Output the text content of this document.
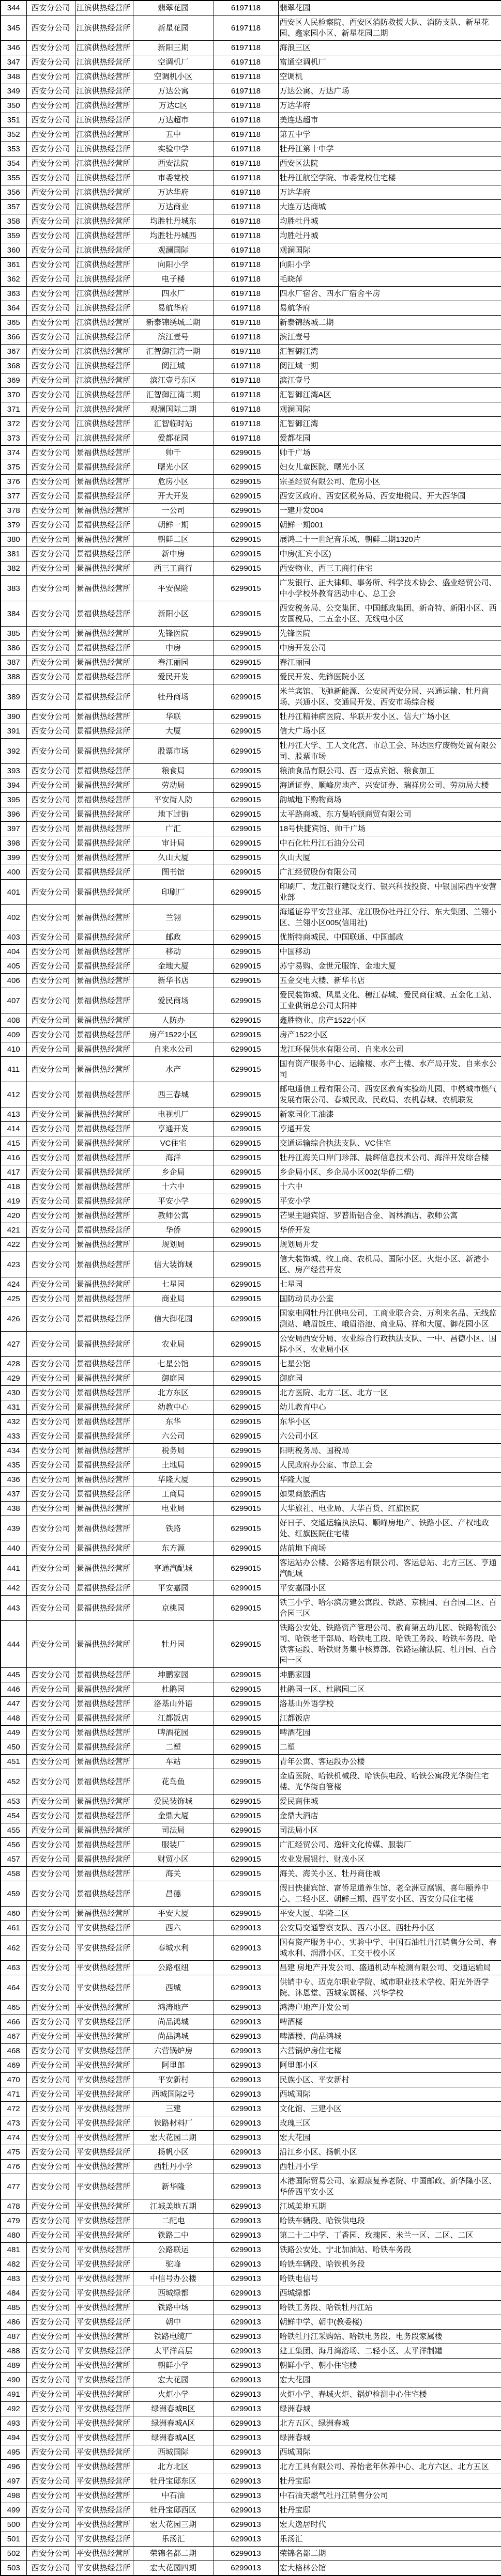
344	西安分公司	江滨供热经营所	翡翠花园	6197118	翡翠花园
345	西安分公司	江滨供热经营所	新星花园	6197118	西安区人民检察院、西安区消防救援大队、消防支队、新星花园、鑫家园小区、新星花园二期
346	西安分公司	江滨供热经营所	新阳三期	6197118	海浪三区
347	西安分公司	江滨供热经营所	空调机厂	6197118	富通空调机厂
348	西安分公司	江滨供热经营所	空调机小区	6197118	空调机
349	西安分公司	江滨供热经营所	万达公寓	6197118	万达公寓、万达广场
350	西安分公司	江滨供热经营所	万达C区	6197118	万达华府
351	西安分公司	江滨供热经营所	万达超市	6197118	美连达超市
352	西安分公司	江滨供热经营所	五中	6197118	第五中学
353	西安分公司	江滨供热经营所	实验中学	6197118	牡丹江第十中学
354	西安分公司	江滨供热经营所	西安法院	6197118	西安区法院
355	西安分公司	江滨供热经营所	市委党校	6197118	牡丹江航空学院、市委党校住宅楼
356	西安分公司	江滨供热经营所	万达华府	6197118	万达华府
357	西安分公司	江滨供热经营所	万达商业	6197118	大连万达商城
358	西安分公司	江滨供热经营所	均胜牡丹城东	6197118	均胜牡丹城
359	西安分公司	江滨供热经营所	均胜牡丹城西	6197118	均胜牡丹城
360	西安分公司	江滨供热经营所	观澜国际	6197118	观澜国际
361	西安分公司	江滨供热经营所	向阳小学	6197118	向阳小学
362	西安分公司	江滨供热经营所	电子楼	6197118	毛晓萍
363	西安分公司	江滨供热经营所	四水厂	6197118	四水厂宿舍、四水厂宿舍平房
364	西安分公司	江滨供热经营所	易航华府	6197118	易航华府
365	西安分公司	江滨供热经营所	新泰锦绣城二期	6197118	新泰锦绣城二期
366	西安分公司	江滨供热经营所	滨江壹号	6197118	滨江壹号
367	西安分公司	江滨供热经营所	汇智御江湾一期	6197118	汇智御江湾
368	西安分公司	江滨供热经营所	阅江城	6197118	阅江城一期
369	西安分公司	江滨供热经营所	滨江壹号东区	6197118	滨江壹号
370	西安分公司	江滨供热经营所	汇智御江湾二期	6197118	汇智御江湾A区
371	西安分公司	江滨供热经营所	观澜国际二期	6197118	观澜国际
372	西安分公司	江滨供热经营所	汇智临时站	6197118	汇智御江湾
373	西安分公司	江滨供热经营所	爱都花园	6197118	爱都花园
374	西安分公司	景福供热经营所	帅千	6299015	帅千广场
375	西安分公司	景福供热经营所	曙光小区	6299015	妇女儿童医院、曙光小区
376	西安分公司	景福供热经营所	危房小区	6299015	宗圣经贸有限公司、危房小区
377	西安分公司	景福供热经营所	开大开发	6299015	西安区政府、西安区税务局、西安地税局、开大西华园
378	西安分公司	景福供热经营所	一公司	6299015	一建开发004
379	西安分公司	景福供热经营所	朝鲜一期	6299015	朝鲜一期001
380	西安分公司	景福供热经营所	朝鲜二区	6299015	展鸿二十一世纪音乐城、朝鲜二期1320片
381	西安分公司	景福供热经营所	新中房	6299015	中房(汇宾小区)
382	西安分公司	景福供热经营所	西三工商行	6299015	西安物业、西三工商行住宅
383	西安分公司	景福供热经营所	平安保险	6299015	广发银行、正大律师、事务所、科学技术协会、盛业经贸公司、中小学校外教育活动中心、总工会
384	西安分公司	景福供热经营所	新阳小区	6299015	西安税务局、公交集团、中国邮政集团、新奇特、新阳小区、西安国税局、二五金小区、无线电小区
385	西安分公司	景福供热经营所	先锋医院	6299015	先锋医院
386	西安分公司	景福供热经营所	中房	6299015	中房开发公司
387	西安分公司	景福供热经营所	春江丽园	6299015	春江丽园
388	西安分公司	景福供热经营所	爱民开发	6299015	爱民开发、先锋医院小区
389	西安分公司	景福供热经营所	牡丹商场	6299015	米兰宾馆、飞弛新能源、公安局西安分局、兴通运输、牡丹商场、兴通小区、交通局开发、西安市场综合楼
390	西安分公司	景福供热经营所	华联	6299015	牡丹江精神病医院、华联开发小区、信大广场小区
391	西安分公司	景福供热经营所	大厦	6299015	信大广场小区
392	西安分公司	景福供热经营所	股票市场	6299015	牡丹江大学、工人文化宫、市总工会、环达医疗废物处置有限公司、股票市场
393	西安分公司	景福供热经营所	粮食局	6299015	粮油食品有限公司、西一迈点宾馆、粮食加工
394	西安分公司	景福供热经营所	劳动局	6299015	海通证券、顺峰房地产、兴安证券、瑞祥房公司、劳动局大楼
395	西安分公司	景福供热经营所	平安街人防	6299015	韵城地下购物商场
396	西安分公司	景福供热经营所	地下过街	6299015	太平路商城、东方曼哈顿商贸有限公司
397	西安分公司	景福供热经营所	广汇	6299015	18号快捷宾馆、帅千广场
398	西安分公司	景福供热经营所	审计局	6299015	中石化牡丹江石油分公司
399	西安分公司	景福供热经营所	久山大厦	6299015	久山大厦
400	西安分公司	景福供热经营所	图书馆	6299015	广汇经贸股份有限公司
401	西安分公司	景福供热经营所	印刷厂	6299015	印刷厂、龙江银行建设支行、银兴科技投资、中银国际西平安营业部
402	西安分公司	景福供热经营所	兰翎	6299015	海通证券平安营业部、龙江股份牡丹江分行、东大集团、兰翎小区、兰翎小区005(信用社)
403	西安分公司	景福供热经营所	邮政	6299015	优斯特商城民、中国联通、中国邮政
404	西安分公司	景福供热经营所	移动	6299015	中国移动
405	西安分公司	景福供热经营所	金地大厦	6299015	苏宁易购、金世元服饰、金地大厦
406	西安分公司	景福供热经营所	新华书店	6299015	五金交电大楼、新华书店
407	西安分公司	景福供热经营所	爱民商场	6299015	爱民装饰城、风星文化、穗江春城、爱民商住城、五金化工站、工业供销总公司太阳神
408	西安分公司	景福供热经营所	人防办	6299015	鑫胜物业、房产1522小区
409	西安分公司	景福供热经营所	房产1522小区	6299015	房产1522小区
410	西安分公司	景福供热经营所	自来水公司	6299015	龙江环保供水有限公司、自来水公司
411	西安分公司	景福供热经营所	水产	6299015	国有资产服务中心、运输楼、水产土楼、水产局开发、自来水公司
412	西安分公司	景福供热经营所	西三春城	6299015	邮电通信工程有限公司、西安区教育实验幼儿园、中燃城市燃气发展有限公司、春城民政、民政局、农机春城、农机联发
413	西安分公司	景福供热经营所	电视机厂	6299015	新家园化工油漆
414	西安分公司	景福供热经营所	亨通开发	6299015	亨通开发
415	西安分公司	景福供热经营所	VC住宅	6299015	交通运输综合执法支队、VC住宅
416	西安分公司	景福供热经营所	海洋	6299015	牡丹江海关口岸门珍部、晨辉信息技术公司、海洋开发综合楼
417	西安分公司	景福供热经营所	乡企局	6299015	乡企局小区、乡企局小区002(华侨二塑)
418	西安分公司	景福供热经营所	十六中	6299015	十六中
419	西安分公司	景福供热经营所	平安小学	6299015	平安小学
420	西安分公司	景福供热经营所	教师公寓	6299015	芒果主题宾馆、罗普斯铝合金、阁林酒店、教师公寓
421	西安分公司	景福供热经营所	华侨	6299015	华侨开发
422	西安分公司	景福供热经营所	规划局	6299015	规划局开发
423	西安分公司	景福供热经营所	信大装饰城	6299015	信大装饰城、牧工商、农机局、国际小区、火炬小区、新港小区、房产经营开发
424	西安分公司	景福供热经营所	七星园	6299015	七星园
425	西安分公司	景福供热经营所	商业局	6299015	国防动员办公室
426	西安分公司	景福供热经营所	信大御花园	6299015	国家电网牡丹江供电公司、工商业联合会、万利来名品、无线监测站、峨眉饭庄、峨眉浴池、商业局、祥和大厦、御花园小区
427	西安分公司	景福供热经营所	农业局	6299015	公安局西安分局、农业综合行政执法支队、一中、昌德小区、国际小区、农业局小区
428	西安分公司	景福供热经营所	七星公馆	6299015	七星公馆
429	西安分公司	景福供热经营所	御庭园	6299015	御庭园
430	西安分公司	景福供热经营所	北方东区	6299015	北方医院、北方二区、北方一区
431	西安分公司	景福供热经营所	幼教中心	6299015	幼儿教育中心
432	西安分公司	景福供热经营所	东华	6299015	东华小区
433	西安分公司	景福供热经营所	六公司	6299015	六公司小区
434	西安分公司	景福供热经营所	税务局	6299015	阳明税务局、国税局
435	西安分公司	景福供热经营所	土地局	6299015	人民政府办公室、市总工会
436	西安分公司	景福供热经营所	华隆大厦	6299015	华隆大厦
437	西安分公司	景福供热经营所	工商局	6299015	如果商旅酒店
438	西安分公司	景福供热经营所	电业局	6299015	大华旅社、电业局、大华百货、红旗医院
439	西安分公司	景福供热经营所	铁路	6299015	好日子、交通运输执法局、顺峰房地产、铁路小区、产权地政处、红旗医院住宅楼
440	西安分公司	景福供热经营所	东方源	6299015	站前地下商场
441	西安分公司	景福供热经营所	亨通汽配城	6299015	客运站办公楼、公路客运有限公司、客运总站、北方三区、亨通汽配城
442	西安分公司	景福供热经营所	平安嘉园	6299015	平安嘉园小区
443	西安分公司	景福供热经营所	京桃园	6299015	铁三小学、哈尔滨房建公寓段、铁路、京桃园、百合园二区、百合园三区
444	西安分公司	景福供热经营所	牡丹园	6299015	铁路公安处、铁路资产管理公司、教育第五幼儿园、铁路物流公司、哈铁老干部局、哈铁电工段、哈铁工务段、哈铁车务段、哈铁客运段、哈铁财务集中核算部、铁路运输法院、牡丹园、百合园一区
445	西安分公司	景福供热经营所	坤鹏家园	6299015	坤鹏家园
446	西安分公司	景福供热经营所	杜鹃园	6299015	杜鹃园一区、杜鹃园二区
447	西安分公司	景福供热经营所	洛基山外语	6299015	洛基山外语学校
448	西安分公司	景福供热经营所	江都饭店	6299015	江都饭店
449	西安分公司	景福供热经营所	啤酒花园	6299015	啤酒花园
450	西安分公司	景福供热经营所	二塑	6299015	二塑
451	西安分公司	景福供热经营所	车站	6299015	青年公寓、客运段办公楼
452	西安分公司	景福供热经营所	花鸟鱼	6299015	金盾医院、哈铁机械段、哈铁供电段、哈铁公寓段光华街住宅楼、光华街自管楼
453	西安分公司	景福供热经营所	爱民装饰城	6299015	爱民商住城
454	西安分公司	景福供热经营所	金鼎大厦	6299015	金鼎大酒店
455	西安分公司	景福供热经营所	司法局	6299015	司法局小区
456	西安分公司	景福供热经营所	服装厂	6299015	广汇经贸公司、逸轩文化传媒、服装厂
457	西安分公司	景福供热经营所	财贸小区	6299015	农业发展银行、财茂小区
458	西安分公司	景福供热经营所	海关	6299015	海关、海关小区、牡丹商住城
459	西安分公司	景福供热经营所	昌德	6299015	假日快捷宾馆、富侨足道养生馆、老全洲豆腐锅、喜年颐养中心、二轻小区、朝鲜三期、西平安小区、西安分局住宅楼
460	西安分公司	景福供热经营所	平安大厦	6299015	平安大厦、华隆二区
461	西安分公司	平安供热经营所	西六	6299013	公安局交通警察支队、西六小区、西牡丹小区
462	西安分公司	平安供热经营所	春城水利	6299013	国有资产服务中心、实验中学、中国石油牡丹江销售分公司、春城水利、润滑小区、工交干校小区
463	西安分公司	平安供热经营所	公路枢纽	6299013	昌建 房地产开发公司、盛通机动车检测有限公司、交通运输局
464	西安分公司	平安供热经营所	西城	6299013	供销中专、迈克尔职业学院、城市职业技术学校、阳光外语学院、沐恩堂、西城家属楼、兴华学校
465	西安分公司	平安供热经营所	鸿涛地产	6299013	鸿涛户地产开发公司
466	西安分公司	平安供热经营所	尚品鸿城	6299013	啤酒楼
467	西安分公司	平安供热经营所	尚品鸿城	6299013	啤酒楼、尚品鸿城
468	西安分公司	平安供热经营所	六营锅炉房	6299013	六营锅炉房住宅楼
469	西安分公司	平安供热经营所	阿里郎	6299013	阿里郎小区
470	西安分公司	平安供热经营所	平安新村	6299013	民族小区、平安新村
471	西安分公司	平安供热经营所	西城国际2号	6299013	西城国际
472	西安分公司	平安供热经营所	三建	6299013	文化馆、三建小区
473	西安分公司	平安供热经营所	铁路材料厂	6299013	玫瑰三区
474	西安分公司	平安供热经营所	宏大花园二期	6299013	宏大花园
475	西安分公司	平安供热经营所	扬帆小区	6299013	沿江乡小区、扬帆小区
476	西安分公司	平安供热经营所	西牡丹小学	6299013	西牡丹小学
477	西安分公司	平安供热经营所	新华隆	6299013	木港国际贸易公司、家源康复养老院、中国邮政、新华隆小区、华侨西平安小区
478	西安分公司	平安供热经营所	江城美地五期	6299013	江城美地五期
479	西安分公司	平安供热经营所	二配电	6299013	哈铁车辆段、哈铁供电段
480	西安分公司	平安供热经营所	铁路二中	6299013	第二十二中学、丁香园、玫瑰园、米兰一区、二区、二区
481	西安分公司	平安供热经营所	公路联运	6299013	铁路公安处、宁北加油站、哈铁车务段
482	西安分公司	平安供热经营所	驼峰	6299013	哈铁车辆段、哈铁机务段
483	西安分公司	平安供热经营所	中信号办公楼	6299013	哈铁电信号
484	西安分公司	平安供热经营所	西城绿都	6299013	西城绿都
485	西安分公司	平安供热经营所	铁路中场	6299013	哈铁工务段、哈铁牡丹江站
486	西安分公司	平安供热经营所	朝中	6299013	朝鲜中学、朝中(教委楼)
487	西安分公司	平安供热经营所	铁路电缆厂	6299013	哈铁牡丹江采购站、哈铁电务段、电务段家属楼
488	西安分公司	平安供热经营所	太平洋高层	6299013	建工集团、海月湾浴场、二轻小区、太平洋制罐
489	西安分公司	平安供热经营所	朝鲜小学	6299013	朝鲜小学、朝小住宅楼
490	西安分公司	平安供热经营所	宏大花园	6299013	宏大花园
491	西安分公司	平安供热经营所	火炬小学	6299013	火炬小学、春城火炬、锅炉检测中心住宅楼
492	西安分公司	平安供热经营所	绿洲春城B区	6299013	绿洲春城
493	西安分公司	平安供热经营所	绿洲春城A区	6299013	北方五区、绿洲春城
494	西安分公司	平安供热经营所	绿洲春城A区	6299013	绿洲春城
495	西安分公司	平安供热经营所	西城国际	6299013	西城国际
496	西安分公司	平安供热经营所	北方北区	6299013	北方工具有限公司、养怡老年休养中心、北方六区、北方五区
497	西安分公司	平安供热经营所	牡丹宝邸东区	6299013	牡丹宝邸
498	西安分公司	平安供热经营所	中石油	6299013	中石油天燃气牡丹江销售分公司
499	西安分公司	平安供热经营所	牡丹宝邸西区	6299013	牡丹宝邸
500	西安分公司	平安供热经营所	宏大花园三期	6299013	宏大逸居时代
501	西安分公司	平安供热经营所	乐汤汇	6299013	乐汤汇
502	西安分公司	平安供热经营所	荣锦名都二期	6299013	荣锦名都二期
503	西安分公司	平安供热经营所	宏大花园四期	6299013	宏大格林公馆
